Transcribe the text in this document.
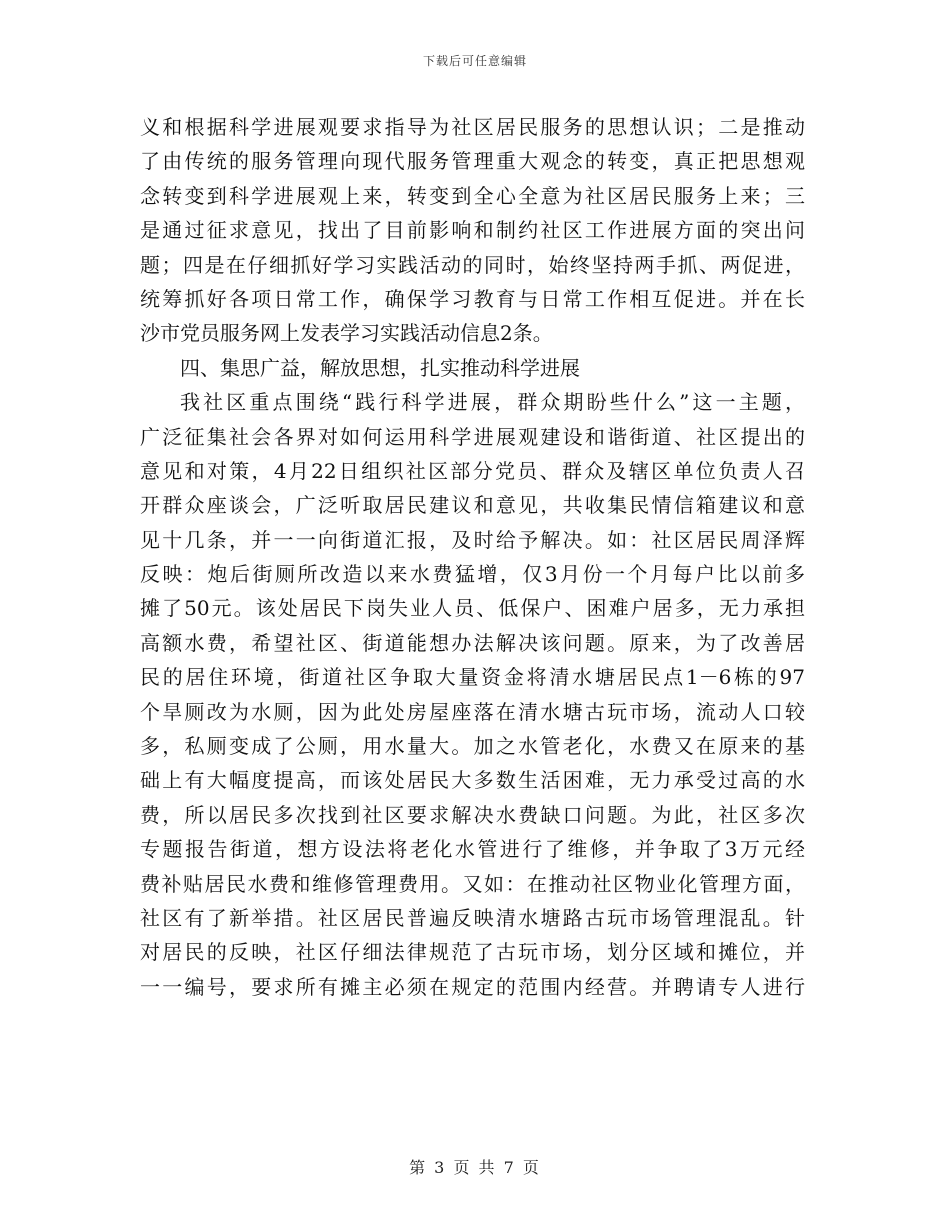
下载后可任意编辑
义和根据科学进展观要求指导为社区居民服务的思想认识；二是推动
了由传统的服务管理向现代服务管理重大观念的转变，真正把思想观
念转变到科学进展观上来，转变到全心全意为社区居民服务上来；三
是通过征求意见，找出了目前影响和制约社区工作进展方面的突出问
题；四是在仔细抓好学习实践活动的同时，始终坚持两手抓、两促进，
统筹抓好各项日常工作，确保学习教育与日常工作相互促进。并在长
沙市党员服务网上发表学习实践活动信息2条。
四、集思广益，解放思想，扎实推动科学进展
我社区重点围绕“践行科学进展，群众期盼些什么”这一主题，
广泛征集社会各界对如何运用科学进展观建设和谐街道、社区提出的
意见和对策，4月22日组织社区部分党员、群众及辖区单位负责人召
开群众座谈会，广泛听取居民建议和意见，共收集民情信箱建议和意
见十几条，并一一向街道汇报，及时给予解决。如：社区居民周泽辉
反映：炮后街厕所改造以来水费猛增，仅3月份一个月每户比以前多
摊了50元。该处居民下岗失业人员、低保户、困难户居多，无力承担
高额水费，希望社区、街道能想办法解决该问题。原来，为了改善居
民的居住环境，街道社区争取大量资金将清水塘居民点1－6栋的97
个旱厕改为水厕，因为此处房屋座落在清水塘古玩市场，流动人口较
多，私厕变成了公厕，用水量大。加之水管老化，水费又在原来的基
础上有大幅度提高，而该处居民大多数生活困难，无力承受过高的水
费，所以居民多次找到社区要求解决水费缺口问题。为此，社区多次
专题报告街道，想方设法将老化水管进行了维修，并争取了3万元经
费补贴居民水费和维修管理费用。又如：在推动社区物业化管理方面，
社区有了新举措。社区居民普遍反映清水塘路古玩市场管理混乱。针
对居民的反映，社区仔细法律规范了古玩市场，划分区域和摊位，并
一一编号，要求所有摊主必须在规定的范围内经营。并聘请专人进行
第 3 页 共 7 页
